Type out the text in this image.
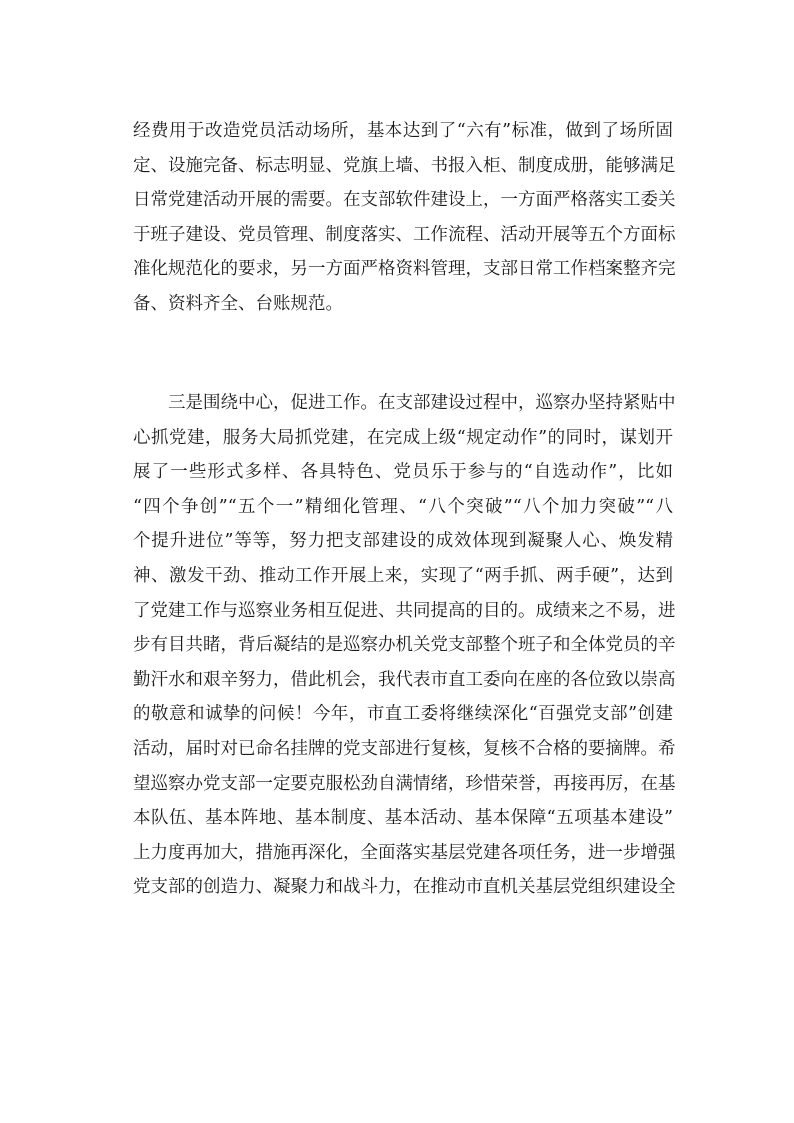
经费用于改造党员活动场所，基本达到了“六有”标准，做到了场所固
定、设施完备、标志明显、党旗上墙、书报入柜、制度成册，能够满足
日常党建活动开展的需要。在支部软件建设上，一方面严格落实工委关
于班子建设、党员管理、制度落实、工作流程、活动开展等五个方面标
准化规范化的要求，另一方面严格资料管理，支部日常工作档案整齐完
备、资料齐全、台账规范。
　　三是围绕中心，促进工作。在支部建设过程中，巡察办坚持紧贴中
心抓党建，服务大局抓党建，在完成上级“规定动作”的同时，谋划开
展了一些形式多样、各具特色、党员乐于参与的“自选动作”，比如
“四个争创”“五个一”精细化管理、“八个突破”“八个加力突破”“八
个提升进位”等等，努力把支部建设的成效体现到凝聚人心、焕发精
神、激发干劲、推动工作开展上来，实现了“两手抓、两手硬”，达到
了党建工作与巡察业务相互促进、共同提高的目的。成绩来之不易，进
步有目共睹，背后凝结的是巡察办机关党支部整个班子和全体党员的辛
勤汗水和艰辛努力，借此机会，我代表市直工委向在座的各位致以崇高
的敬意和诚挚的问候！今年，市直工委将继续深化“百强党支部”创建
活动，届时对已命名挂牌的党支部进行复核，复核不合格的要摘牌。希
望巡察办党支部一定要克服松劲自满情绪，珍惜荣誉，再接再厉，在基
本队伍、基本阵地、基本制度、基本活动、基本保障“五项基本建设”
上力度再加大，措施再深化，全面落实基层党建各项任务，进一步增强
党支部的创造力、凝聚力和战斗力，在推动市直机关基层党组织建设全
